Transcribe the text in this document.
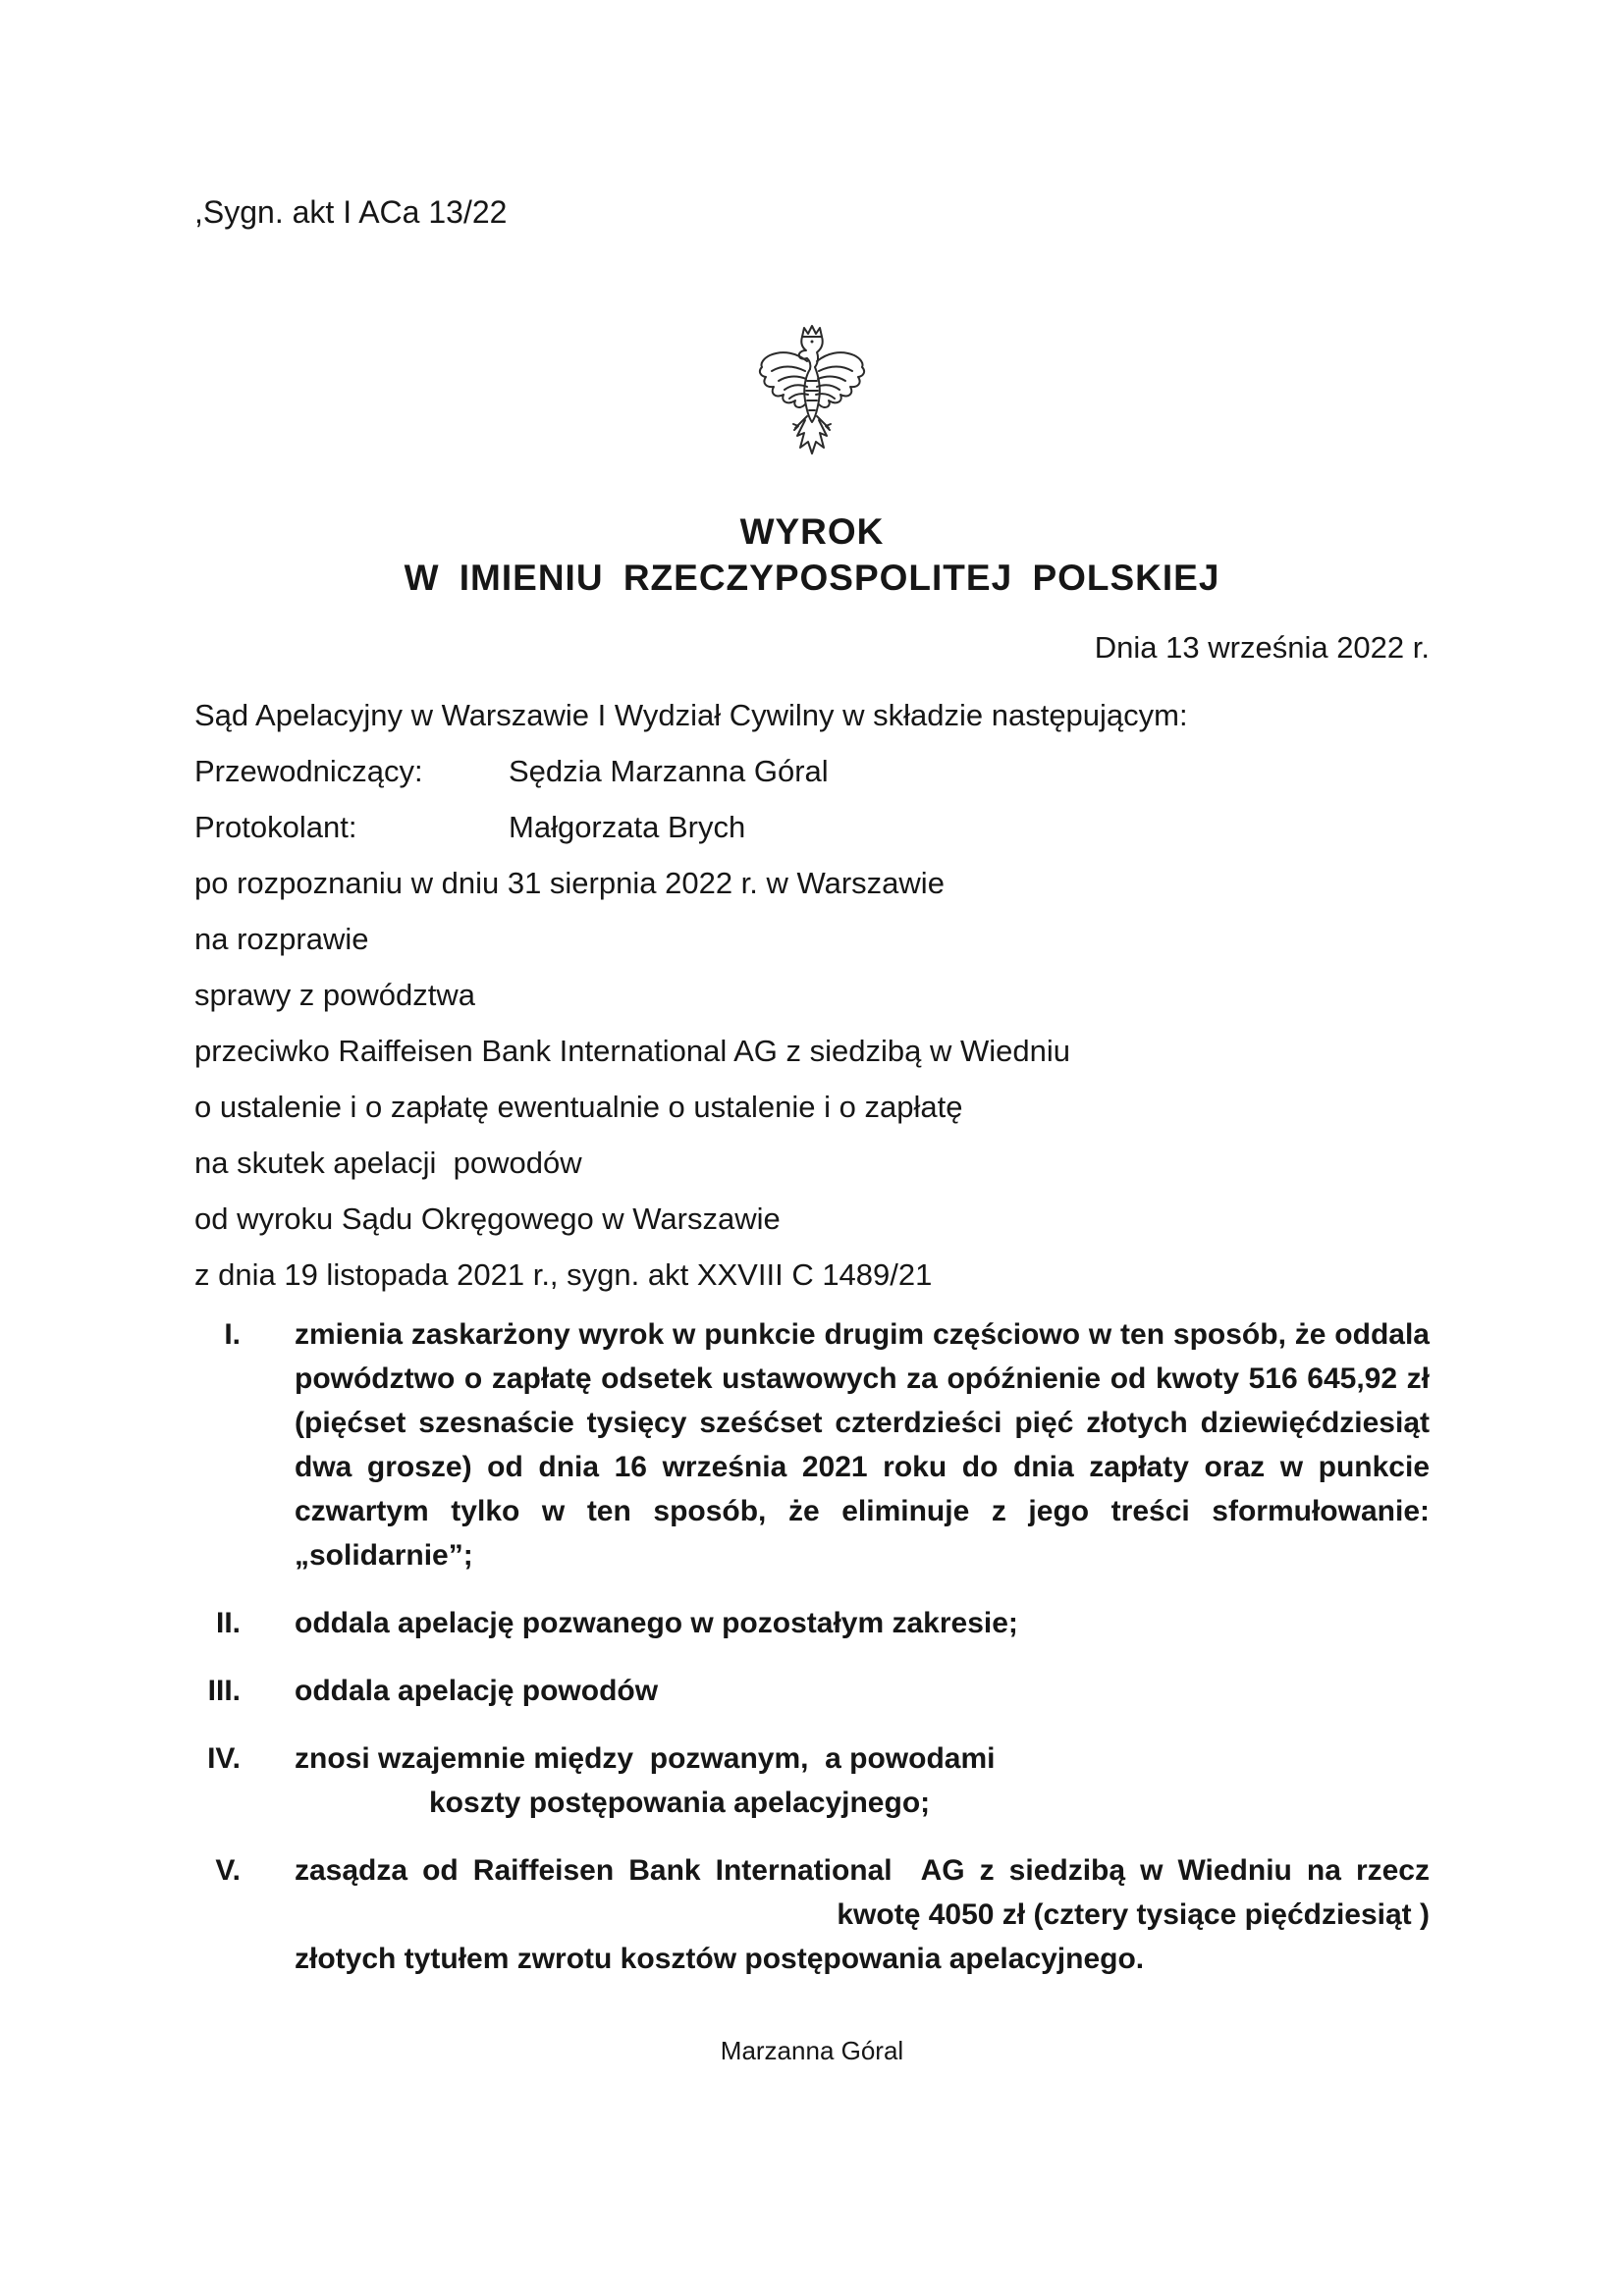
,Sygn. akt I ACa 13/22
WYROK
W IMIENIU RZECZYPOSPOLITEJ POLSKIEJ
Dnia 13 września 2022 r.

Sąd Apelacyjny w Warszawie I Wydział Cywilny w składzie następującym:

Przewodniczący:	Sędzia Marzanna Góral

Protokolant:	Małgorzata Brych

po rozpoznaniu w dniu 31 sierpnia 2022 r. w Warszawie

na rozprawie

sprawy z powództwa

przeciwko Raiffeisen Bank International AG z siedzibą w Wiedniu

o ustalenie i o zapłatę ewentualnie o ustalenie i o zapłatę

na skutek apelacji  powodów

od wyroku Sądu Okręgowego w Warszawie

z dnia 19 listopada 2021 r., sygn. akt XXVIII C 1489/21

I.	zmienia zaskarżony wyrok w punkcie drugim częściowo w ten sposób, że oddala powództwo o zapłatę odsetek ustawowych za opóźnienie od kwoty 516 645,92 zł (pięćset szesnaście tysięcy sześćset czterdzieści pięć złotych dziewięćdziesiąt dwa grosze) od dnia 16 września 2021 roku do dnia zapłaty oraz w punkcie czwartym tylko w ten sposób, że eliminuje z jego treści sformułowanie: „solidarnie”;
II.	oddala apelację pozwanego w pozostałym zakresie;
III.	oddala apelację powodów
IV.	znosi wzajemnie między  pozwanym,  a powodami
koszty postępowania apelacyjnego;
V.	zasądza od Raiffeisen Bank International  AG z siedzibą w Wiedniu na rzecz
kwotę 4050 zł (cztery tysiące pięćdziesiąt )
złotych tytułem zwrotu kosztów postępowania apelacyjnego.
Marzanna Góral
